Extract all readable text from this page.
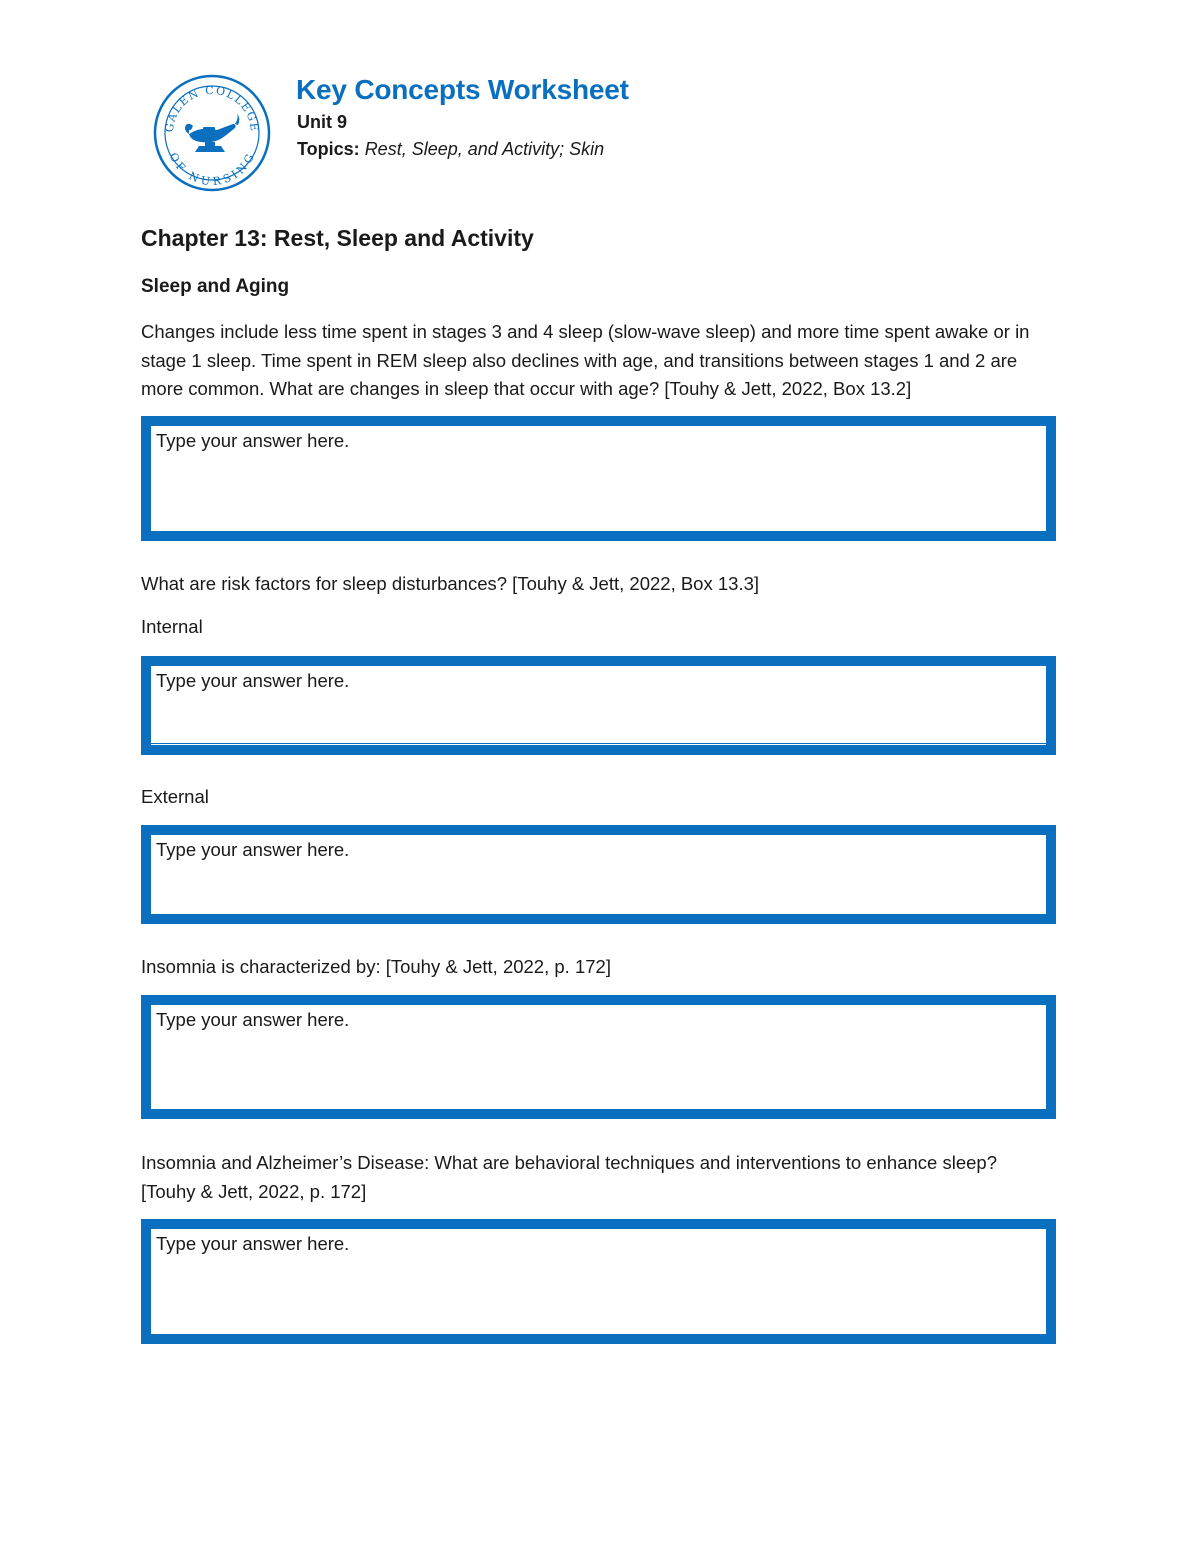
GALEN COLLEGE
OF NURSING
Key Concepts Worksheet
Unit 9
Topics: Rest, Sleep, and Activity; Skin
Chapter 13: Rest, Sleep and Activity
Sleep and Aging
Changes include less time spent in stages 3 and 4 sleep (slow-wave sleep) and more time spent awake or in stage 1 sleep. Time spent in REM sleep also declines with age, and transitions between stages 1 and 2 are more common. What are changes in sleep that occur with age? [Touhy & Jett, 2022, Box 13.2]
Type your answer here.
What are risk factors for sleep disturbances? [Touhy & Jett, 2022, Box 13.3]
Internal
Type your answer here.
External
Type your answer here.
Insomnia is characterized by: [Touhy & Jett, 2022, p. 172]
Type your answer here.
Insomnia and Alzheimer’s Disease: What are behavioral techniques and interventions to enhance sleep?
[Touhy & Jett, 2022, p. 172]
Type your answer here.
